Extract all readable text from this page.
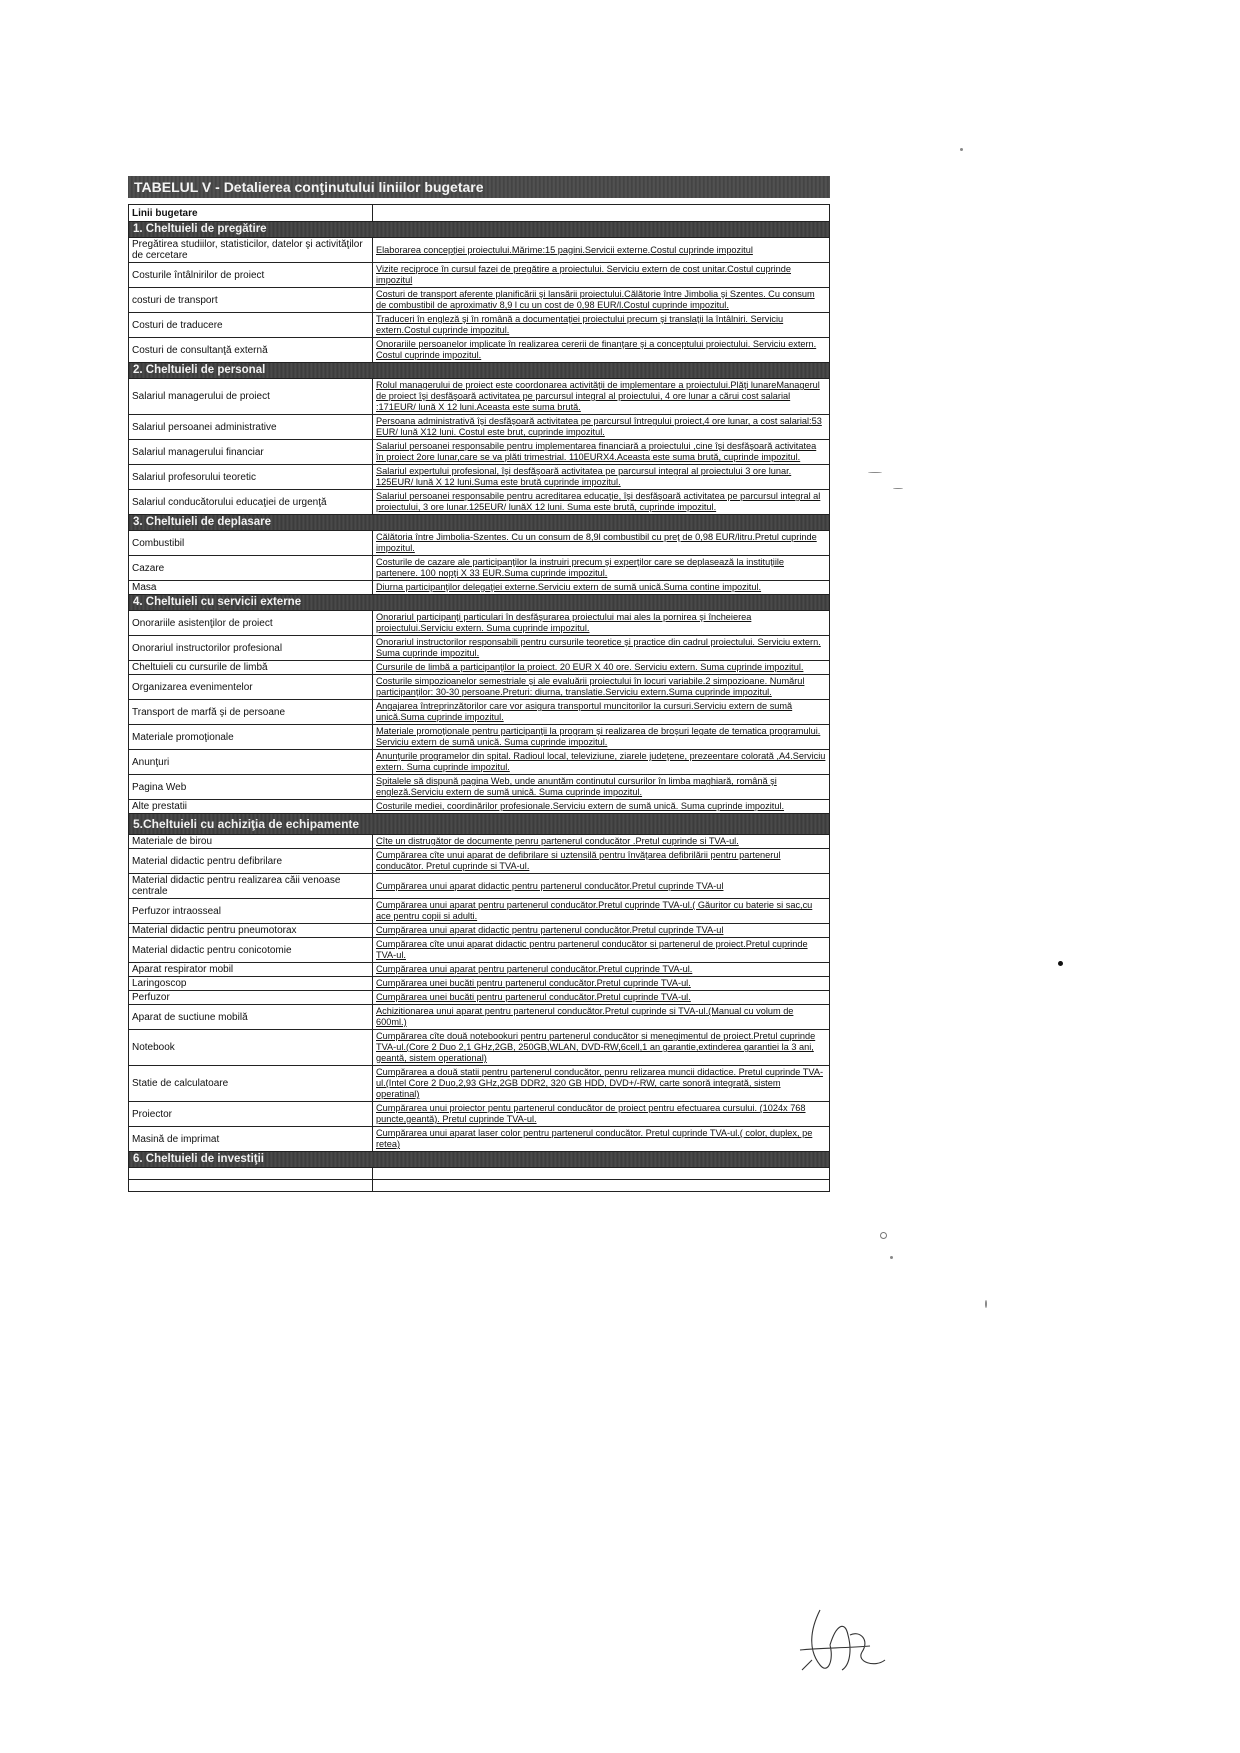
TABELUL V - Detalierea conţinutului liniilor bugetare
Linii bugetare	
1. Cheltuieli de pregătire	
Pregătirea studiilor, statisticilor, datelor şi activităţilor de cercetare	Elaborarea concepţiei proiectului.Mărime:15 pagini.Servicii externe.Costul cuprinde impozitul
Costurile întâlnirilor de proiect	Vizite reciproce în cursul fazei de pregătire a proiectului. Serviciu extern de cost unitar.Costul cuprinde impozitul
costuri de transport	Costuri de transport aferente planificării şi lansării proiectului.Călătorie între Jimbolia şi Szentes. Cu consum de combustibil de aproximativ 8,9 l cu un cost de 0,98 EUR/l.Costul cuprinde impozitul.
Costuri de traducere	Traduceri în engleză şi în română a documentaţiei proiectului precum şi translaţii la întâlniri. Serviciu extern.Costul cuprinde impozitul.
Costuri de consultanţă externă	Onorariile persoanelor implicate în realizarea cererii de finanţare şi a conceptului proiectului. Serviciu extern. Costul cuprinde impozitul.
2. Cheltuieli de personal	
Salariul managerului de proiect	Rolul managerului de proiect este coordonarea activităţii de implementare a proiectului.Plăţi lunareManagerul de proiect îşi desfăşoară activitatea pe parcursul integral al proiectului, 4 ore lunar a cărui cost salarial :171EUR/ lună X 12 luni.Aceasta este suma brută.
Salariul persoanei administrative	Persoana administrativă îşi desfăşoară activitatea pe parcursul întregului proiect,4 ore lunar, a cost salarial:53 EUR/ lună X12 luni. Costul este brut, cuprinde impozitul.
Salariul managerului financiar	Salariul persoanei responsabile pentru implementarea financiară a proiectului ,cine îşi desfăşoară activitatea în proiect 2ore lunar,care se va plăti trimestrial. 110EURX4.Aceasta este suma brută, cuprinde impozitul.
Salariul profesorului teoretic	Salariul expertului profesional, îşi desfăşoară activitatea pe parcursul integral al proiectului 3 ore lunar. 125EUR/ lună X 12 luni.Suma este brută cuprinde impozitul.
Salariul conducătorului educaţiei de urgenţă	Salariul persoanei responsabile pentru acreditarea educaţie, îşi desfăşoară activitatea pe parcursul integral al proiectului, 3 ore lunar.125EUR/ lunăX 12 luni. Suma este brută, cuprinde impozitul.
3. Cheltuieli de deplasare	
Combustibil	Călătoria între Jimbolia-Szentes. Cu un consum de 8,9l combustibil cu preţ de 0,98 EUR/litru.Pretul cuprinde impozitul.
Cazare	Costurile de cazare ale participanţilor la instruiri precum şi experţilor care se deplasează la instituţiile partenere. 100 nopţi X 33 EUR.Suma cuprinde impozitul.
Masa	Diurna participanţilor delegaţiei externe.Serviciu extern de sumă unică.Suma contine impozitul.
4. Cheltuieli cu servicii externe	
Onorariile asistenţilor de proiect	Onorariul participanţi particulari în desfăşurarea proiectului mai ales la pornirea şi încheierea proiectului.Serviciu extern. Suma cuprinde impozitul.
Onorariul instructorilor profesional	Onorariul instructorilor responsabili pentru cursurile teoretice şi practice din cadrul proiectului. Serviciu extern. Suma cuprinde impozitul.
Cheltuieli cu cursurile de limbă	Cursurile de limbă a participanţilor la proiect. 20 EUR X 40 ore. Serviciu extern. Suma cuprinde impozitul.
Organizarea evenimentelor	Costurile simpozioanelor semestriale şi ale evaluării proiectului în locuri variabile.2 simpozioane. Numărul participanţilor: 30-30 persoane.Preturi: diurna, translatie.Serviciu extern.Suma cuprinde impozitul.
Transport de marfă şi de persoane	Angajarea întreprinzătorilor care vor asigura transportul muncitorilor la cursuri.Serviciu extern de sumă unică.Suma cuprinde impozitul.
Materiale promoţionale	Materiale promoţionale pentru participanţii la program şi realizarea de broşuri legate de tematica programului. Serviciu extern de sumă unică. Suma cuprinde impozitul.
Anunţuri	Anunţurile programelor din spital. Radioul local, televiziune, ziarele judeţene, prezeentare colorată ,A4.Serviciu extern. Suma cuprinde impozitul.
Pagina Web	Spitalele să dispună pagina Web, unde anuntăm continutul cursurilor în limba maghiară, română şi engleză.Serviciu extern de sumă unică. Suma cuprinde impozitul.
Alte prestatii	Costurile mediei, coordinărilor profesionale.Serviciu extern de sumă unică. Suma cuprinde impozitul.
5.Cheltuieli cu achiziţia de echipamente	
Materiale de birou	Cîte un distrugător de documente penru partenerul conducător .Pretul cuprinde si TVA-ul.
Material didactic pentru defibrilare	Cumpărarea cîte unui aparat de defibrilare si uztensilă pentru învăţarea defibrilării pentru partenerul conducător. Pretul cuprinde si TVA-ul.
Material didactic pentru realizarea căii venoase centrale	Cumpărarea unui aparat didactic pentru partenerul conducător.Pretul cuprinde TVA-ul
Perfuzor intraosseal	Cumpărarea unui aparat pentru partenerul conducător.Pretul cuprinde TVA-ul.( Găuritor cu baterie si sac,cu ace pentru copii si adulti.
Material didactic pentru pneumotorax	Cumpărarea unui aparat didactic pentru partenerul conducător.Pretul cuprinde TVA-ul
Material didactic pentru conicotomie	Cumpărarea cîte unui aparat didactic pentru partenerul conducător si partenerul de proiect.Pretul cuprinde TVA-ul.
Aparat respirator mobil	Cumpărarea unui aparat pentru partenerul conducător.Pretul cuprinde TVA-ul.
Laringoscop	Cumpărarea unei bucăti pentru partenerul conducător.Pretul cuprinde TVA-ul.
Perfuzor	Cumpărarea unei bucăti pentru partenerul conducător.Pretul cuprinde TVA-ul.
Aparat de suctiune mobilă	Achizitionarea unui aparat pentru partenerul conducător.Pretul cuprinde si TVA-ul.(Manual cu volum de 600ml.)
Notebook	Cumpărarea cîte două notebookuri pentru partenerul conducător si menegimentul de proiect.Pretul cuprinde TVA-ul.(Core 2 Duo 2,1 GHz,2GB, 250GB,WLAN, DVD-RW,6cell,1 an garantie,extinderea garantiei la 3 ani, geantă, sistem operational)
Statie de calculatoare	Cumpărarea a două statii pentru partenerul conducător, penru relizarea muncii didactice. Pretul cuprinde TVA-ul.(Intel Core 2 Duo,2,93 GHz,2GB DDR2, 320 GB HDD, DVD+/-RW, carte sonoră integrată, sistem operatinal)
Proiector	Cumpărarea unui proiector pentu partenerul conducător de proiect pentru efectuarea cursului. (1024x 768 puncte,geantă). Pretul cuprinde TVA-ul.
Masină de imprimat	Cumpărarea unui aparat laser color pentru partenerul conducător. Pretul cuprinde TVA-ul.( color, duplex, pe retea)
6. Cheltuieli de investiţii	
